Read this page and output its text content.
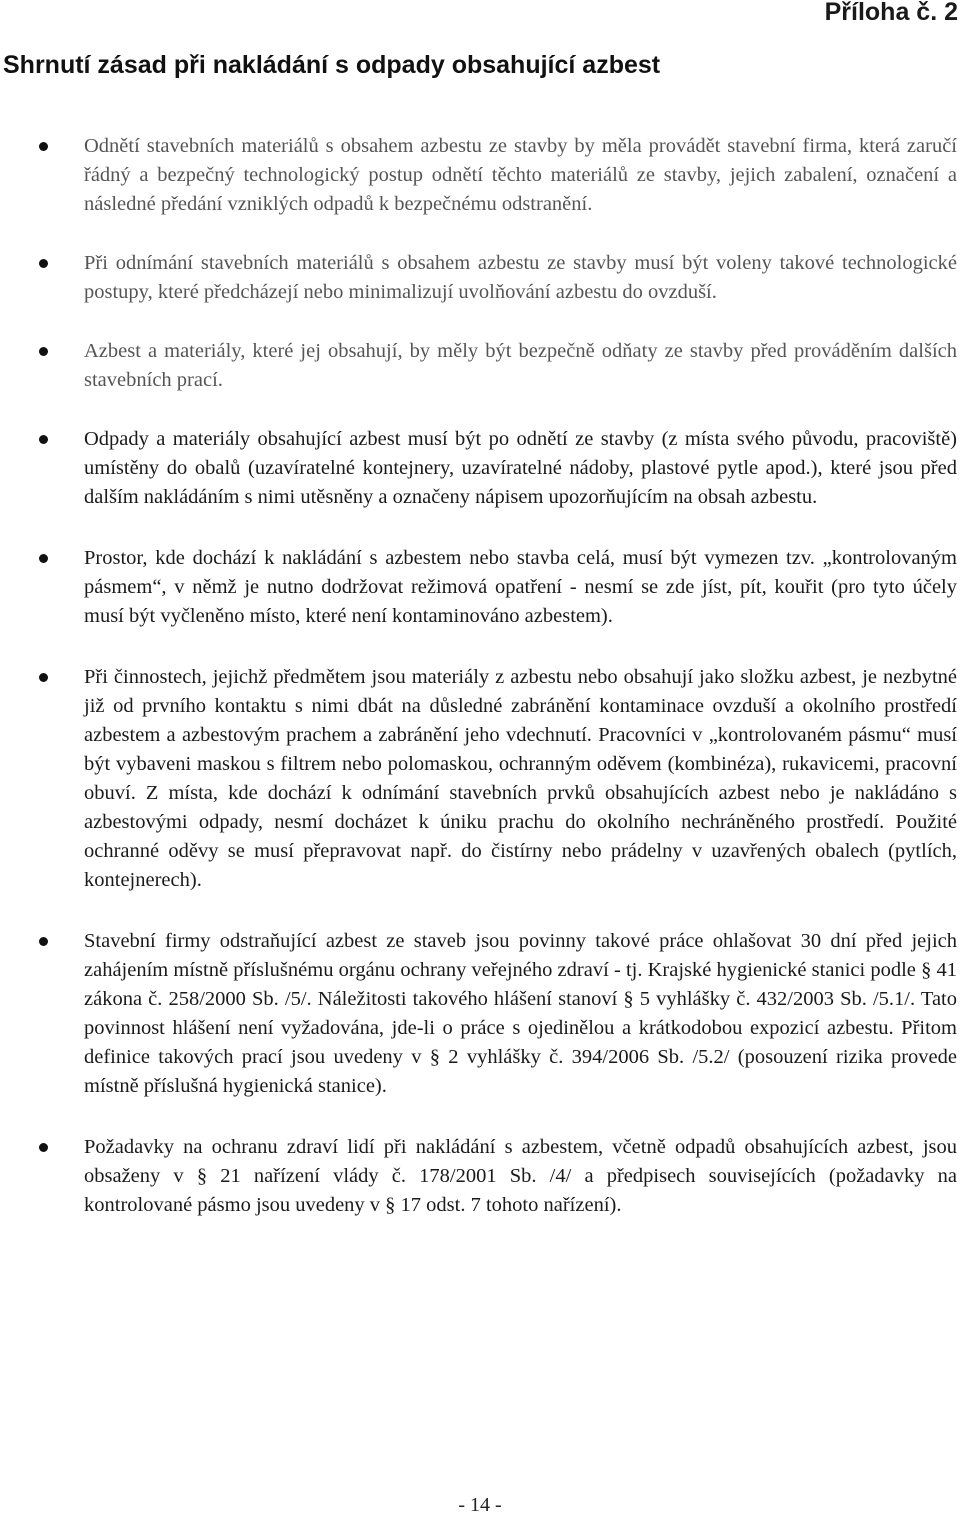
Příloha č. 2
Shrnutí zásad při nakládání s odpady obsahující azbest
Odnětí stavebních materiálů s obsahem azbestu ze stavby by měla provádět stavební firma, která zaručí řádný a bezpečný technologický postup odnětí těchto materiálů ze stavby, jejich zabalení, označení a následné předání vzniklých odpadů k bezpečnému odstranění.
Při odnímání stavebních materiálů s obsahem azbestu ze stavby musí být voleny takové technologické postupy, které předcházejí nebo minimalizují uvolňování azbestu do ovzduší.
Azbest a materiály, které jej obsahují, by měly být bezpečně odňaty ze stavby před prováděním dalších stavebních prací.
Odpady a materiály obsahující azbest musí být po odnětí ze stavby (z místa svého původu, pracoviště) umístěny do obalů (uzavíratelné kontejnery, uzavíratelné nádoby, plastové pytle apod.), které jsou před dalším nakládáním s nimi utěsněny a označeny nápisem upozorňujícím na obsah azbestu.
Prostor, kde dochází k nakládání s azbestem nebo stavba celá, musí být vymezen tzv. „kontrolovaným pásmem“, v němž je nutno dodržovat režimová opatření - nesmí se zde jíst, pít, kouřit (pro tyto účely musí být vyčleněno místo, které není kontaminováno azbestem).
Při činnostech, jejichž předmětem jsou materiály z azbestu nebo obsahují jako složku azbest, je nezbytné již od prvního kontaktu s nimi dbát na důsledné zabránění kontaminace ovzduší a okolního prostředí azbestem a azbestovým prachem a zabránění jeho vdechnutí. Pracovníci v „kontrolovaném pásmu“ musí být vybaveni maskou s filtrem nebo polomaskou, ochranným oděvem (kombinéza), rukavicemi, pracovní obuví. Z místa, kde dochází k odnímání stavebních prvků obsahujících azbest nebo je nakládáno s azbestovými odpady, nesmí docházet k úniku prachu do okolního nechráněného prostředí. Použité ochranné oděvy se musí přepravovat např. do čistírny nebo prádelny v uzavřených obalech (pytlích, kontejnerech).
Stavební firmy odstraňující azbest ze staveb jsou povinny takové práce ohlašovat 30 dní před jejich zahájením místně příslušnému orgánu ochrany veřejného zdraví - tj. Krajské hygienické stanici podle § 41 zákona č. 258/2000 Sb. /5/. Náležitosti takového hlášení stanoví § 5 vyhlášky č. 432/2003 Sb. /5.1/. Tato povinnost hlášení není vyžadována, jde-li o práce s ojedinělou a krátkodobou expozicí azbestu. Přitom definice takových prací jsou uvedeny v § 2 vyhlášky č. 394/2006 Sb. /5.2/ (posouzení rizika provede místně příslušná hygienická stanice).
Požadavky na ochranu zdraví lidí při nakládání s azbestem, včetně odpadů obsahujících azbest, jsou obsaženy v § 21 nařízení vlády č. 178/2001 Sb. /4/ a předpisech souvisejících (požadavky na kontrolované pásmo jsou uvedeny v § 17 odst. 7 tohoto nařízení).
- 14 -
